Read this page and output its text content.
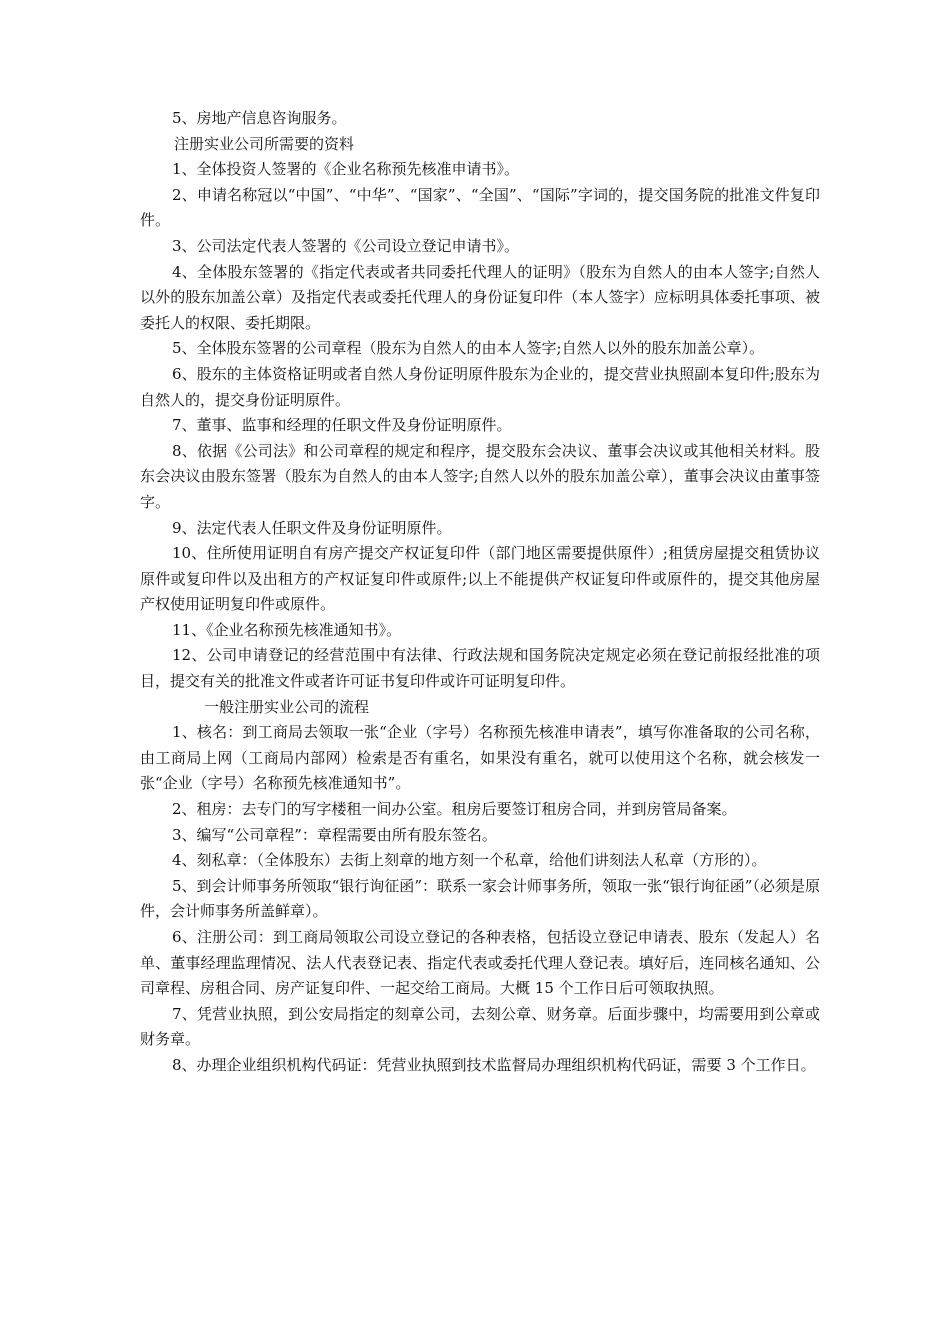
5、房地产信息咨询服务。

注册实业公司所需要的资料

1、全体投资人签署的《企业名称预先核准申请书》。

2、申请名称冠以“中国”、“中华”、“国家”、“全国”、“国际”字词的，提交国务院的批准文件复印件。

3、公司法定代表人签署的《公司设立登记申请书》。

4、全体股东签署的《指定代表或者共同委托代理人的证明》（股东为自然人的由本人签字;自然人以外的股东加盖公章）及指定代表或委托代理人的身份证复印件（本人签字）应标明具体委托事项、被委托人的权限、委托期限。

5、全体股东签署的公司章程（股东为自然人的由本人签字;自然人以外的股东加盖公章）。

6、股东的主体资格证明或者自然人身份证明原件股东为企业的，提交营业执照副本复印件;股东为自然人的，提交身份证明原件。

7、董事、监事和经理的任职文件及身份证明原件。

8、依据《公司法》和公司章程的规定和程序，提交股东会决议、董事会决议或其他相关材料。股东会决议由股东签署（股东为自然人的由本人签字;自然人以外的股东加盖公章），董事会决议由董事签字。

9、法定代表人任职文件及身份证明原件。

10、住所使用证明自有房产提交产权证复印件（部门地区需要提供原件）;租赁房屋提交租赁协议原件或复印件以及出租方的产权证复印件或原件;以上不能提供产权证复印件或原件的，提交其他房屋产权使用证明复印件或原件。

11、《企业名称预先核准通知书》。

12、公司申请登记的经营范围中有法律、行政法规和国务院决定规定必须在登记前报经批准的项目，提交有关的批准文件或者许可证书复印件或许可证明复印件。

一般注册实业公司的流程

1、核名：到工商局去领取一张“企业（字号）名称预先核准申请表”，填写你准备取的公司名称，由工商局上网（工商局内部网）检索是否有重名，如果没有重名，就可以使用这个名称，就会核发一张“企业（字号）名称预先核准通知书”。

2、租房：去专门的写字楼租一间办公室。租房后要签订租房合同，并到房管局备案。

3、编写“公司章程”：章程需要由所有股东签名。

4、刻私章：（全体股东）去街上刻章的地方刻一个私章，给他们讲刻法人私章（方形的）。

5、到会计师事务所领取“银行询征函”：联系一家会计师事务所，领取一张“银行询征函”（必须是原件，会计师事务所盖鲜章）。

6、注册公司：到工商局领取公司设立登记的各种表格，包括设立登记申请表、股东（发起人）名单、董事经理监理情况、法人代表登记表、指定代表或委托代理人登记表。填好后，连同核名通知、公司章程、房租合同、房产证复印件、一起交给工商局。大概 15 个工作日后可领取执照。

7、凭营业执照，到公安局指定的刻章公司，去刻公章、财务章。后面步骤中，均需要用到公章或财务章。

8、办理企业组织机构代码证：凭营业执照到技术监督局办理组织机构代码证，需要 3 个工作日。
